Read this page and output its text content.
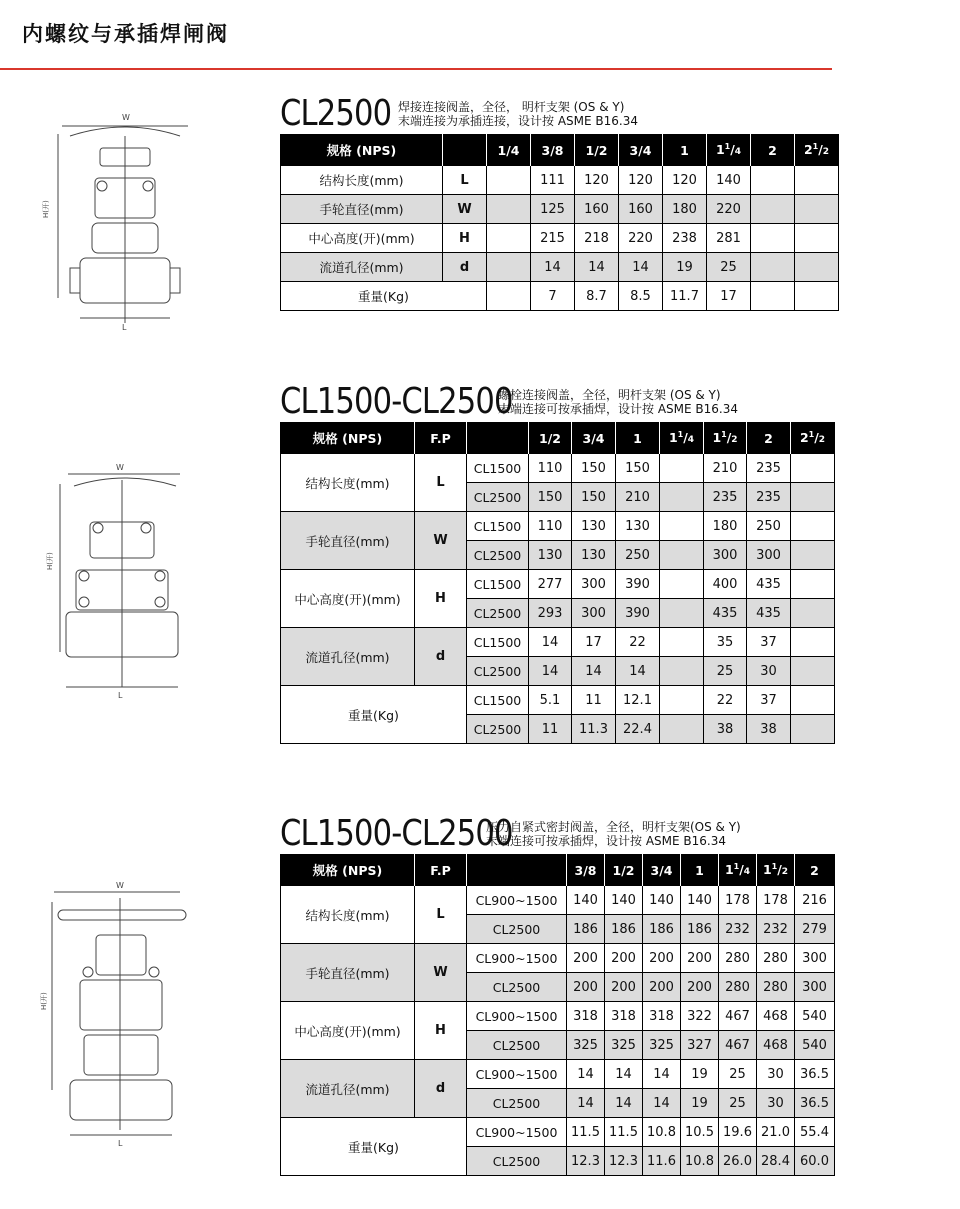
内螺纹与承插焊闸阀
W
H(开)
L
CL2500 焊接连接阀盖，全径， 明杆支架 (OS & Y)
末端连接为承插连接，设计按 ASME B16.34
规格 (NPS)		1/4	3/8	1/2	3/4	1	$1^1/4$	2	$2^1/2$
结构长度(mm)	L		111	120	120	120	140		
手轮直径(mm)	W		125	160	160	180	220		
中心高度(开)(mm)	H		215	218	220	238	281		
流道孔径(mm)	d		14	14	14	19	25		
重量(Kg)			7	8.7	8.5	11.7	17		
W
H(开)
L
CL1500-CL2500
螺栓连接阀盖，全径，明杆支架 (OS & Y)
末端连接可按承插焊，设计按 ASME B16.34
规格 (NPS)	F.P		1/2	3/4	1	$1^1/4$	$1^1/2$	2	$2^1/2$
结构长度(mm)	L	CL1500	110	150	150		210	235	
		CL2500	150	150	210		235	235	
手轮直径(mm)	W	CL1500	110	130	130		180	250	
		CL2500	130	130	250		300	300	
中心高度(开)(mm)	H	CL1500	277	300	390		400	435	
		CL2500	293	300	390		435	435	
流道孔径(mm)	d	CL1500	14	17	22		35	37	
		CL2500	14	14	14		25	30	
重量(Kg)		CL1500	5.1	11	12.1		22	37	
		CL2500	11	11.3	22.4		38	38	
W
H(开)
L
CL1500-CL2500
压力自紧式密封阀盖，全径，明杆支架(OS & Y)
末端连接可按承插焊，设计按 ASME B16.34
规格 (NPS)	F.P		3/8	1/2	3/4	1	$1^1/4$	$1^1/2$	2
结构长度(mm)	L	CL900~1500	140	140	140	140	178	178	216
		CL2500	186	186	186	186	232	232	279
手轮直径(mm)	W	CL900~1500	200	200	200	200	280	280	300
		CL2500	200	200	200	200	280	280	300
中心高度(开)(mm)	H	CL900~1500	318	318	318	322	467	468	540
		CL2500	325	325	325	327	467	468	540
流道孔径(mm)	d	CL900~1500	14	14	14	19	25	30	36.5
		CL2500	14	14	14	19	25	30	36.5
重量(Kg)		CL900~1500	11.5	11.5	10.8	10.5	19.6	21.0	55.4
		CL2500	12.3	12.3	11.6	10.8	26.0	28.4	60.0
